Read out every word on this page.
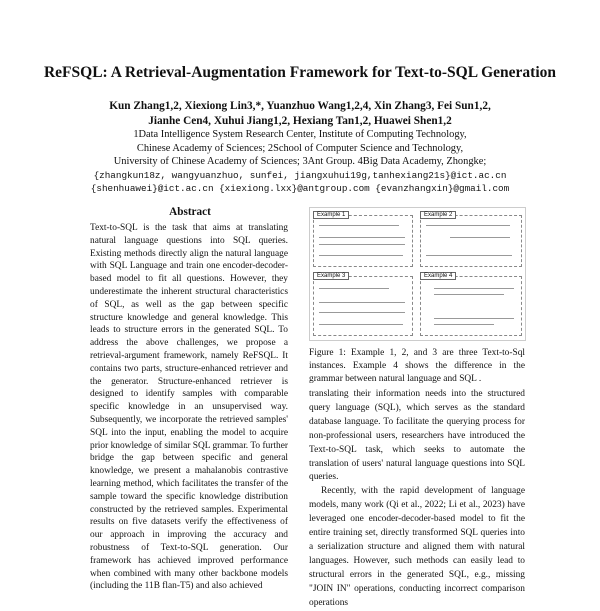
ReFSQL: A Retrieval-Augmentation Framework for Text-to-SQL Generation
Kun Zhang1,2, Xiexiong Lin3,*, Yuanzhuo Wang1,2,4, Xin Zhang3, Fei Sun1,2,
Jianhe Cen4, Xuhui Jiang1,2, Hexiang Tan1,2, Huawei Shen1,2
1Data Intelligence System Research Center, Institute of Computing Technology,
Chinese Academy of Sciences; 2School of Computer Science and Technology,
University of Chinese Academy of Sciences; 3Ant Group. 4Big Data Academy, Zhongke;
{zhangkun18z, wangyuanzhuo, sunfei, jiangxuhui19g,tanhexiang21s}@ict.ac.cn
{shenhuawei}@ict.ac.cn {xiexiong.lxx}@antgroup.com {evanzhangxin}@gmail.com
Abstract
Text-to-SQL is the task that aims at translating natural language questions into SQL queries. Existing methods directly align the natural language with SQL Language and train one encoder-decoder-based model to fit all questions. However, they underestimate the inherent structural characteristics of SQL, as well as the gap between specific structure knowledge and general knowledge. This leads to structure errors in the generated SQL. To address the above challenges, we propose a retrieval-argument framework, namely ReFSQL. It contains two parts, structure-enhanced retriever and the generator. Structure-enhanced retriever is designed to identify samples with comparable specific knowledge in an unsupervised way. Subsequently, we incorporate the retrieved samples' SQL into the input, enabling the model to acquire prior knowledge of similar SQL grammar. To further bridge the gap between specific and general knowledge, we present a mahalanobis contrastive learning method, which facilitates the transfer of the sample toward the specific knowledge distribution constructed by the retrieved samples. Experimental results on five datasets verify the effectiveness of our approach in improving the accuracy and robustness of Text-to-SQL generation. Our framework has achieved improved performance when combined with many other backbone models (including the 11B flan-T5) and also achieved
Example 1	Example 2
Example 3	Example 4
Figure 1: Example 1, 2, and 3 are three Text-to-Sql instances. Example 4 shows the difference in the grammar between natural language and SQL .

translating their information needs into the structured query language (SQL), which serves as the standard database language. To facilitate the querying process for non-professional users, researchers have introduced the Text-to-SQL task, which seeks to automate the translation of users' natural language questions into SQL queries.

Recently, with the rapid development of language models, many work (Qi et al., 2022; Li et al., 2023) have leveraged one encoder-decoder-based model to fit the entire training set, directly transformed SQL queries into a serialization structure and aligned them with natural languages. However, such methods can easily lead to structural errors in the generated SQL, e.g., missing "JOIN IN" operations, conducting incorrect comparison operations
